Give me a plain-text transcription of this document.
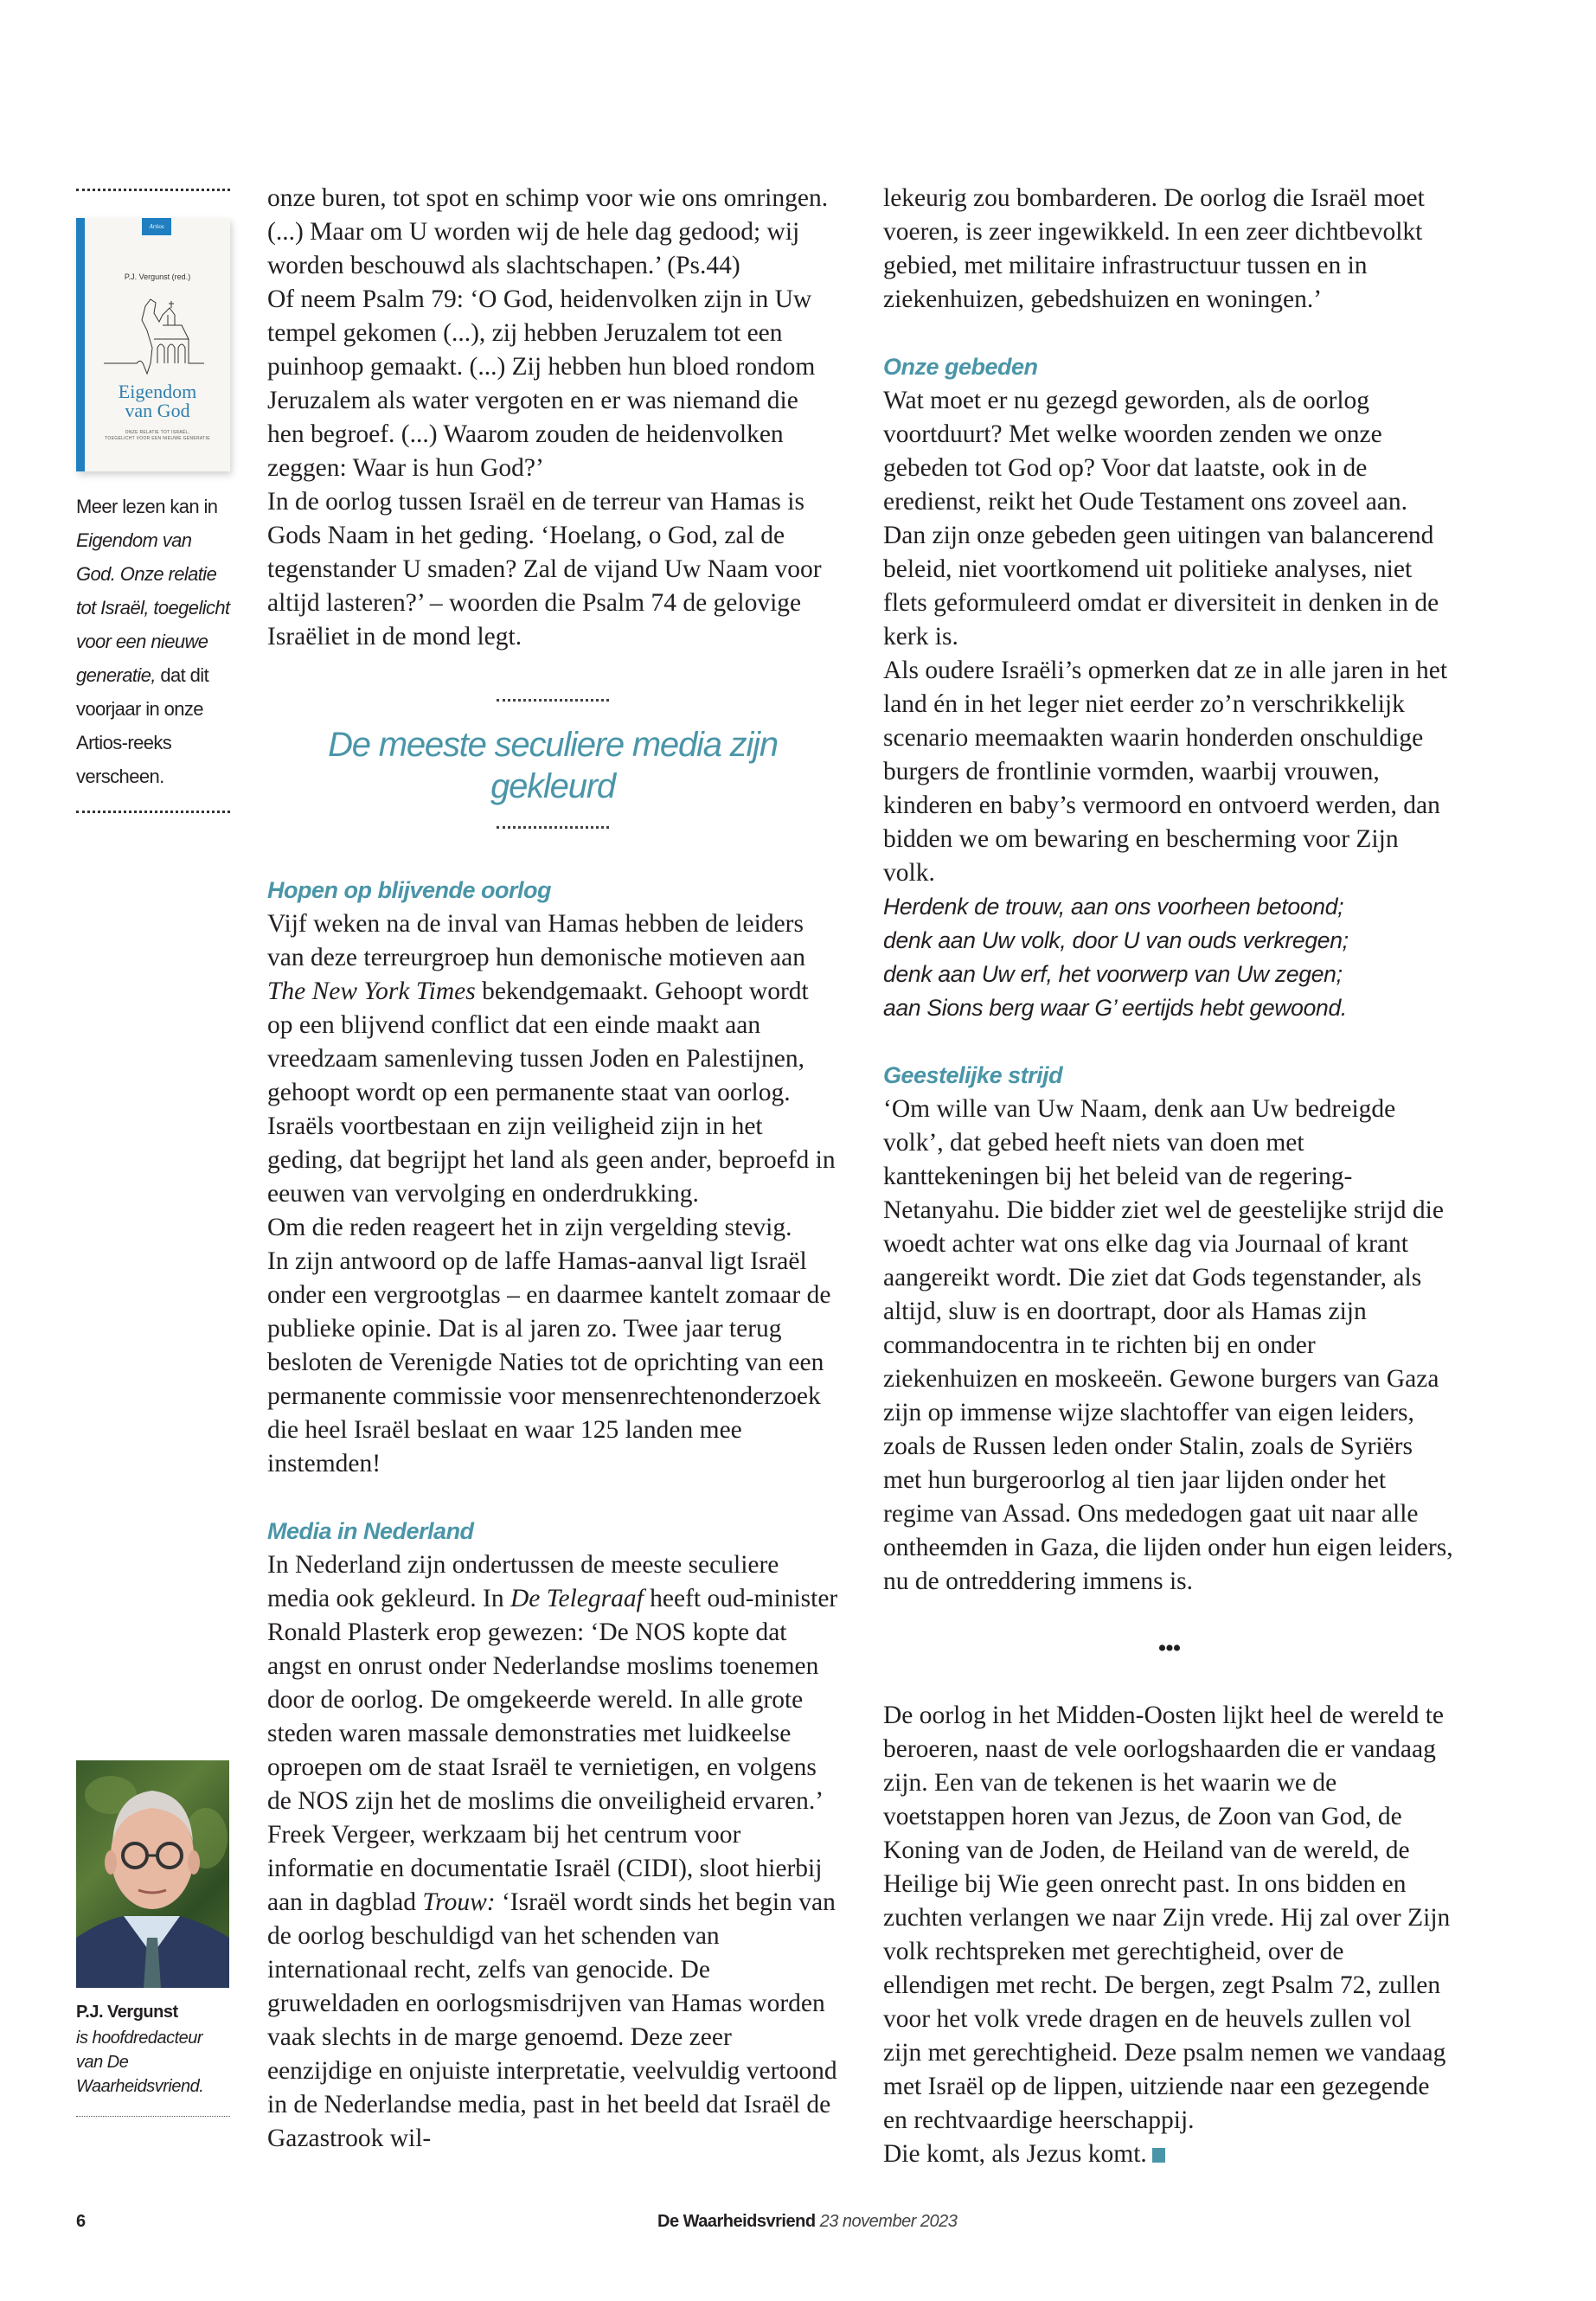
Artios
P.J. Vergunst (red.)
Eigendom
van God
ONZE RELATIE TOT ISRAËL,
TOEGELICHT VOOR EEN NIEUWE GENERATIE
Meer lezen kan in Eigendom van God. Onze relatie tot Israël, toegelicht voor een nieuwe generatie, dat dit voorjaar in onze Artios-reeks verscheen.
P.J. Vergunst
is hoofdredacteur van De Waarheidsvriend.

onze buren, tot spot en schimp voor wie ons omringen. (...) Maar om U worden wij de hele dag gedood; wij worden beschouwd als slachtschapen.’ (Ps.44)

Of neem Psalm 79: ‘O God, heidenvolken zijn in Uw tempel gekomen (...), zij hebben Jeruzalem tot een puinhoop gemaakt. (...) Zij hebben hun bloed rondom Jeruzalem als water vergoten en er was niemand die hen begroef. (...) Waarom zouden de heidenvolken zeggen: Waar is hun God?’

In de oorlog tussen Israël en de terreur van Hamas is Gods Naam in het geding. ‘Hoelang, o God, zal de tegenstander U smaden? Zal de vijand Uw Naam voor altijd lasteren?’ – woorden die Psalm 74 de gelovige Israëliet in de mond legt.

De meeste seculiere media zijn gekleurd
Hopen op blijvende oorlog

Vijf weken na de inval van Hamas hebben de leiders van deze terreurgroep hun demonische motieven aan The New York Times bekendgemaakt. Gehoopt wordt op een blijvend conflict dat een einde maakt aan vreedzaam samenleving tussen Joden en Palestijnen, gehoopt wordt op een permanente staat van oorlog. Israëls voortbestaan en zijn veiligheid zijn in het geding, dat begrijpt het land als geen ander, beproefd in eeuwen van vervolging en onderdrukking.

Om die reden reageert het in zijn vergelding stevig.

In zijn antwoord op de laffe Hamas-aanval ligt Israël onder een vergrootglas – en daarmee kantelt zomaar de publieke opinie. Dat is al jaren zo. Twee jaar terug besloten de Verenigde Naties tot de oprichting van een permanente commissie voor mensenrechtenonderzoek die heel Israël beslaat en waar 125 landen mee instemden!

Media in Nederland

In Nederland zijn ondertussen de meeste seculiere media ook gekleurd. In De Telegraaf heeft oud-minister Ronald Plasterk erop gewezen: ‘De NOS kopte dat angst en onrust onder Nederlandse moslims toenemen door de oorlog. De omgekeerde wereld. In alle grote steden waren massale demonstraties met luidkeelse oproepen om de staat Israël te vernietigen, en volgens de NOS zijn het de moslims die onveiligheid ervaren.’

Freek Vergeer, werkzaam bij het centrum voor informatie en documentatie Israël (CIDI), sloot hierbij aan in dagblad Trouw: ‘Israël wordt sinds het begin van de oorlog beschuldigd van het schenden van internationaal recht, zelfs van genocide. De gruweldaden en oorlogsmisdrijven van Hamas worden vaak slechts in de marge genoemd. Deze zeer eenzijdige en onjuiste interpretatie, veelvuldig vertoond in de Nederlandse media, past in het beeld dat Israël de Gazastrook wil-

lekeurig zou bombarderen. De oorlog die Israël moet voeren, is zeer ingewikkeld. In een zeer dichtbevolkt gebied, met militaire infrastructuur tussen en in ziekenhuizen, gebedshuizen en woningen.’

Onze gebeden

Wat moet er nu gezegd geworden, als de oorlog voortduurt? Met welke woorden zenden we onze gebeden tot God op? Voor dat laatste, ook in de eredienst, reikt het Oude Testament ons zoveel aan.

Dan zijn onze gebeden geen uitingen van balancerend beleid, niet voortkomend uit politieke analyses, niet flets geformuleerd omdat er diversiteit in denken in de kerk is.

Als oudere Israëli’s opmerken dat ze in alle jaren in het land én in het leger niet eerder zo’n verschrikkelijk scenario meemaakten waarin honderden onschuldige burgers de frontlinie vormden, waarbij vrouwen, kinderen en baby’s vermoord en ontvoerd werden, dan bidden we om bewaring en bescherming voor Zijn volk.

Herdenk de trouw, aan ons voorheen betoond;
denk aan Uw volk, door U van ouds verkregen;
denk aan Uw erf, het voorwerp van Uw zegen;
aan Sions berg waar G’ eertijds hebt gewoond.
Geestelijke strijd

‘Om wille van Uw Naam, denk aan Uw bedreigde volk’, dat gebed heeft niets van doen met kanttekeningen bij het beleid van de regering-Netanyahu. Die bidder ziet wel de geestelijke strijd die woedt achter wat ons elke dag via Journaal of krant aangereikt wordt. Die ziet dat Gods tegenstander, als altijd, sluw is en doortrapt, door als Hamas zijn commandocentra in te richten bij en onder ziekenhuizen en moskeeën. Gewone burgers van Gaza zijn op immense wijze slachtoffer van eigen leiders, zoals de Russen leden onder Stalin, zoals de Syriërs met hun burgeroorlog al tien jaar lijden onder het regime van Assad. Ons mededogen gaat uit naar alle ontheemden in Gaza, die lijden onder hun eigen leiders, nu de ontreddering immens is.

•••

De oorlog in het Midden-Oosten lijkt heel de wereld te beroeren, naast de vele oorlogshaarden die er vandaag zijn. Een van de tekenen is het waarin we de voetstappen horen van Jezus, de Zoon van God, de Koning van de Joden, de Heiland van de wereld, de Heilige bij Wie geen onrecht past. In ons bidden en zuchten verlangen we naar Zijn vrede. Hij zal over Zijn volk rechtspreken met gerechtigheid, over de ellendigen met recht. De bergen, zegt Psalm 72, zullen voor het volk vrede dragen en de heuvels zullen vol zijn met gerechtigheid. Deze psalm nemen we vandaag met Israël op de lippen, uitziende naar een gezegende en rechtvaardige heerschappij.

Die komt, als Jezus komt.

6	De Waarheidsvriend 23 november 2023
